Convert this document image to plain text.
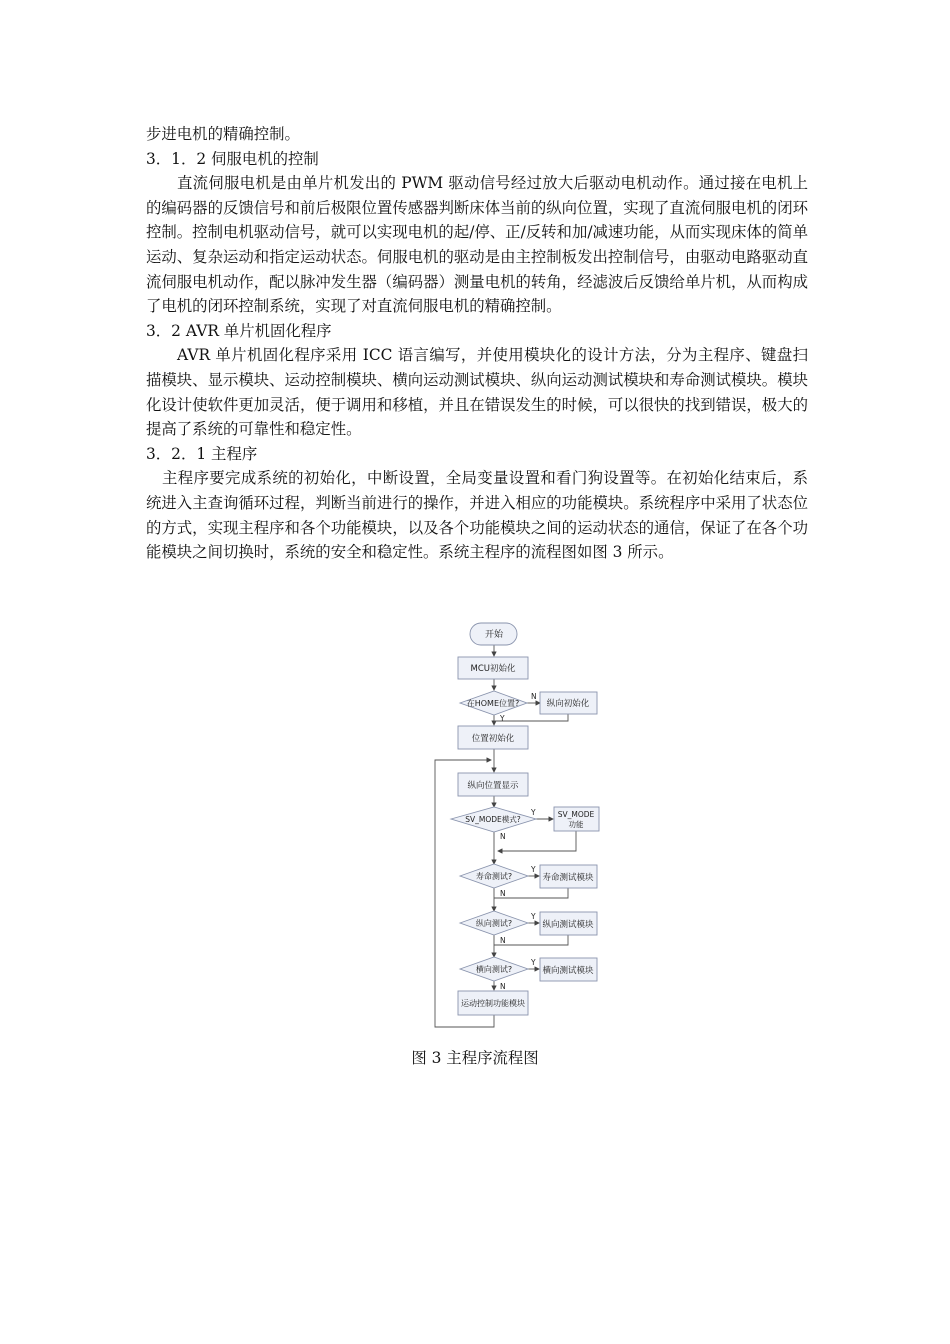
步进电机的精确控制。
3．1．2 伺服电机的控制
直流伺服电机是由单片机发出的 PWM 驱动信号经过放大后驱动电机动作。通过接在电机上的编码器的反馈信号和前后极限位置传感器判断床体当前的纵向位置，实现了直流伺服电机的闭环控制。控制电机驱动信号，就可以实现电机的起/停、正/反转和加/减速功能，从而实现床体的简单运动、复杂运动和指定运动状态。伺服电机的驱动是由主控制板发出控制信号，由驱动电路驱动直流伺服电机动作，配以脉冲发生器（编码器）测量电机的转角，经滤波后反馈给单片机，从而构成了电机的闭环控制系统，实现了对直流伺服电机的精确控制。
3．2 AVR 单片机固化程序
AVR 单片机固化程序采用 ICC 语言编写，并使用模块化的设计方法，分为主程序、键盘扫描模块、显示模块、运动控制模块、横向运动测试模块、纵向运动测试模块和寿命测试模块。模块化设计使软件更加灵活，便于调用和移植，并且在错误发生的时候，可以很快的找到错误，极大的提高了系统的可靠性和稳定性。
3．2．1 主程序
主程序要完成系统的初始化，中断设置，全局变量设置和看门狗设置等。在初始化结束后，系统进入主查询循环过程，判断当前进行的操作，并进入相应的功能模块。系统程序中采用了状态位的方式，实现主程序和各个功能模块，以及各个功能模块之间的运动状态的通信，保证了在各个功能模块之间切换时，系统的安全和稳定性。系统主程序的流程图如图 3 所示。
开始
MCU初始化
在HOME位置?
N
Y
纵向初始化
位置初始化
纵向位置显示
SV_MODE模式?
Y
N
SV_MODE
功能
寿命测试?
Y
N
寿命测试模块
纵向测试?
Y
N
纵向测试模块
横向测试?
Y
N
横向测试模块
运动控制功能模块
图 3 主程序流程图
